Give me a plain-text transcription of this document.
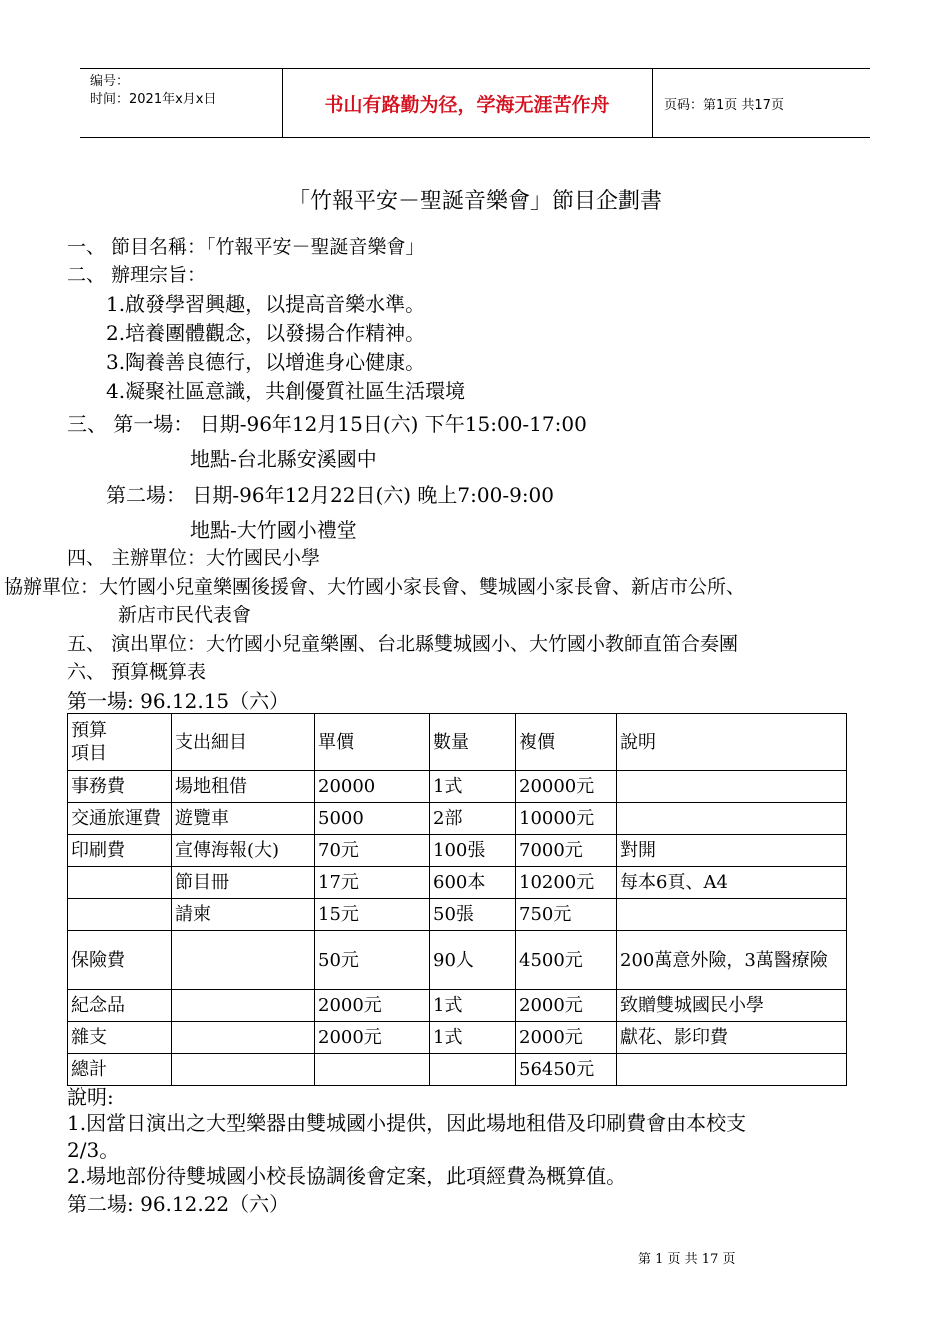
编号：
时间：2021年x月x日	书山有路勤为径，学海无涯苦作舟	页码：第1页 共17页
「竹報平安－聖誕音樂會」節目企劃書
一、 節目名稱：「竹報平安－聖誕音樂會」
二、 辦理宗旨：
1.啟發學習興趣，以提高音樂水準。
2.培養團體觀念，以發揚合作精神。
3.陶養善良德行，以增進身心健康。
4.凝聚社區意識，共創優質社區生活環境
三、 第一場： 日期-96年12月15日(六) 下午15:00-17:00
地點-台北縣安溪國中
第二場： 日期-96年12月22日(六) 晚上7:00-9:00
地點-大竹國小禮堂
四、 主辦單位：大竹國民小學
協辦單位：大竹國小兒童樂團後援會、大竹國小家長會、雙城國小家長會、新店市公所、
新店市民代表會
五、 演出單位：大竹國小兒童樂團、台北縣雙城國小、大竹國小教師直笛合奏團
六、 預算概算表
第一場: 96.12.15（六）
預算
項目	支出細目	單價	數量	複價	說明
事務費	場地租借	20000	1式	20000元	
交通旅運費	遊覽車	5000	2部	10000元	
印刷費	宣傳海報(大)	70元	100張	7000元	對開
	節目冊	17元	600本	10200元	每本6頁、A4
	請柬	15元	50張	750元	
保險費		50元	90人	4500元	200萬意外險，3萬醫療險
紀念品		2000元	1式	2000元	致贈雙城國民小學
雜支		2000元	1式	2000元	獻花、影印費
總計				56450元	
說明:
1.因當日演出之大型樂器由雙城國小提供，因此場地租借及印刷費會由本校支
2/3。
2.場地部份待雙城國小校長協調後會定案，此項經費為概算值。
第二場: 96.12.22（六）
第 1 页 共 17 页
